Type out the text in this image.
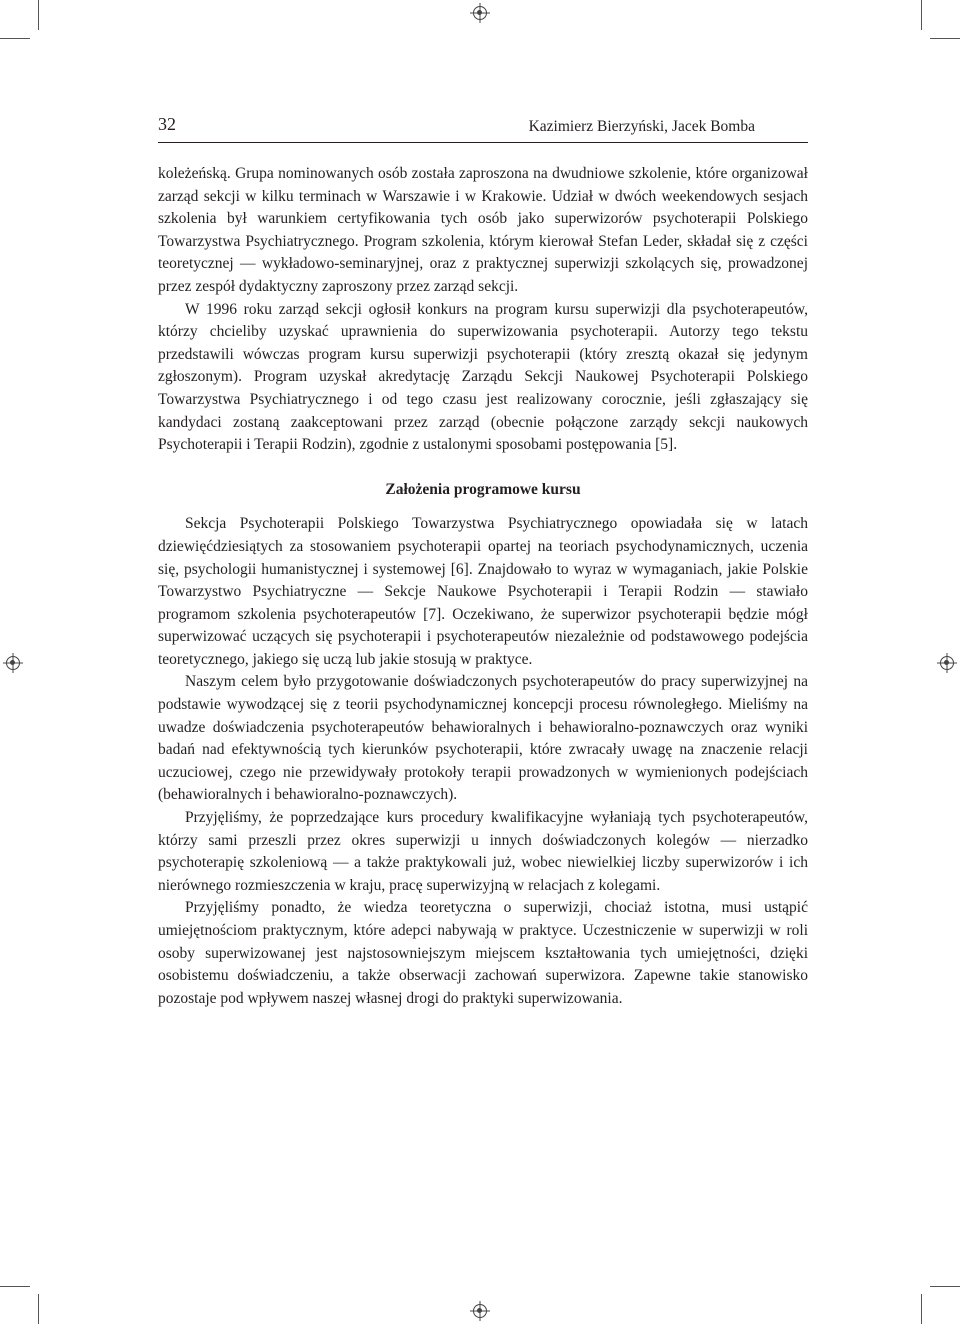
32	Kazimierz Bierzyński, Jacek Bomba

koleżeńską. Grupa nominowanych osób została zaproszona na dwudniowe szkolenie, które organizował zarząd sekcji w kilku terminach w Warszawie i w Krakowie. Udział w dwóch weekendowych sesjach szkolenia był warunkiem certyfikowania tych osób jako superwizorów psychoterapii Polskiego Towarzystwa Psychiatrycznego. Program szkolenia, którym kierował Stefan Leder, składał się z części teoretycznej — wykładowo-seminaryjnej, oraz z praktycznej superwizji szkolących się, prowadzonej przez zespół dydaktyczny zaproszony przez zarząd sekcji.

W 1996 roku zarząd sekcji ogłosił konkurs na program kursu superwizji dla psychoterapeutów, którzy chcieliby uzyskać uprawnienia do superwizowania psychoterapii. Autorzy tego tekstu przedstawili wówczas program kursu superwizji psychoterapii (który zresztą okazał się jedynym zgłoszonym). Program uzyskał akredytację Zarządu Sekcji Naukowej Psychoterapii Polskiego Towarzystwa Psychiatrycznego i od tego czasu jest realizowany corocznie, jeśli zgłaszający się kandydaci zostaną zaakceptowani przez zarząd (obecnie połączone zarządy sekcji naukowych Psychoterapii i Terapii Rodzin), zgodnie z ustalonymi sposobami postępowania [5].

Założenia programowe kursu

Sekcja Psychoterapii Polskiego Towarzystwa Psychiatrycznego opowiadała się w latach dziewięćdziesiątych za stosowaniem psychoterapii opartej na teoriach psychodynamicznych, uczenia się, psychologii humanistycznej i systemowej [6]. Znajdowało to wyraz w wymaganiach, jakie Polskie Towarzystwo Psychiatryczne — Sekcje Naukowe Psychoterapii i Terapii Rodzin — stawiało programom szkolenia psychoterapeutów [7]. Oczekiwano, że superwizor psychoterapii będzie mógł superwizować uczących się psychoterapii i psychoterapeutów niezależnie od podstawowego podejścia teoretycznego, jakiego się uczą lub jakie stosują w praktyce.

Naszym celem było przygotowanie doświadczonych psychoterapeutów do pracy superwizyjnej na podstawie wywodzącej się z teorii psychodynamicznej koncepcji procesu równoległego. Mieliśmy na uwadze doświadczenia psychoterapeutów behawioralnych i behawioralno-poznawczych oraz wyniki badań nad efektywnością tych kierunków psychoterapii, które zwracały uwagę na znaczenie relacji uczuciowej, czego nie przewidywały protokoły terapii prowadzonych w wymienionych podejściach (behawioralnych i behawioralno-poznawczych).

Przyjęliśmy, że poprzedzające kurs procedury kwalifikacyjne wyłaniają tych psychoterapeutów, którzy sami przeszli przez okres superwizji u innych doświadczonych kolegów — nierzadko psychoterapię szkoleniową — a także praktykowali już, wobec niewielkiej liczby superwizorów i ich nierównego rozmieszczenia w kraju, pracę superwizyjną w relacjach z kolegami.

Przyjęliśmy ponadto, że wiedza teoretyczna o superwizji, chociaż istotna, musi ustąpić umiejętnościom praktycznym, które adepci nabywają w praktyce. Uczestniczenie w superwizji w roli osoby superwizowanej jest najstosowniejszym miejscem kształtowania tych umiejętności, dzięki osobistemu doświadczeniu, a także obserwacji zachowań superwizora. Zapewne takie stanowisko pozostaje pod wpływem naszej własnej drogi do praktyki superwizowania.
